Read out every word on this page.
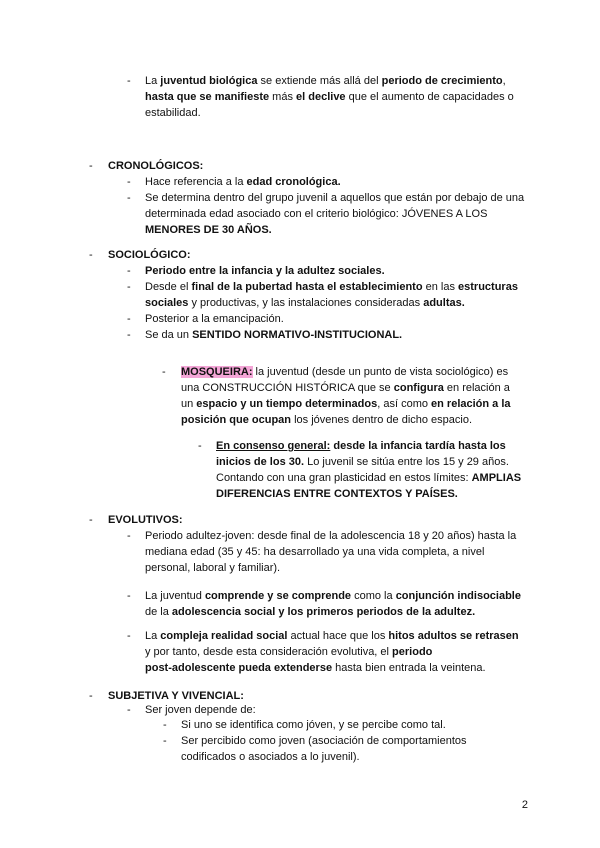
-	La juventud biológica se extiende más allá del periodo de crecimiento,
hasta que se manifieste más el declive que el aumento de capacidades o
estabilidad.
-	CRONOLÓGICOS:
-	Hace referencia a la edad cronológica.
-	Se determina dentro del grupo juvenil a aquellos que están por debajo de una
determinada edad asociado con el criterio biológico: JÓVENES A LOS
MENORES DE 30 AÑOS.
-	SOCIOLÓGICO:
-	Periodo entre la infancia y la adultez sociales.
-	Desde el final de la pubertad hasta el establecimiento en las estructuras
sociales y productivas, y las instalaciones consideradas adultas.
-	Posterior a la emancipación.
-	Se da un SENTIDO NORMATIVO-INSTITUCIONAL.
-	MOSQUEIRA: la juventud (desde un punto de vista sociológico) es
una CONSTRUCCIÓN HISTÓRICA que se configura en relación a
un espacio y un tiempo determinados, así como en relación a la
posición que ocupan los jóvenes dentro de dicho espacio.
-	En consenso general: desde la infancia tardía hasta los
inicios de los 30. Lo juvenil se sitúa entre los 15 y 29 años.
Contando con una gran plasticidad en estos límites: AMPLIAS
DIFERENCIAS ENTRE CONTEXTOS Y PAÍSES.
-	EVOLUTIVOS:
-	Periodo adultez-joven: desde final de la adolescencia 18 y 20 años) hasta la
mediana edad (35 y 45: ha desarrollado ya una vida completa, a nivel
personal, laboral y familiar).
-	La juventud comprende y se comprende como la conjunción indisociable
de la adolescencia social y los primeros periodos de la adultez.
-	La compleja realidad social actual hace que los hitos adultos se retrasen
y por tanto, desde esta consideración evolutiva, el periodo
post-adolescente pueda extenderse hasta bien entrada la veintena.
-	SUBJETIVA Y VIVENCIAL:
-	Ser joven depende de:
-	Si uno se identifica como jóven, y se percibe como tal.
-	Ser percibido como joven (asociación de comportamientos
codificados o asociados a lo juvenil).
2
